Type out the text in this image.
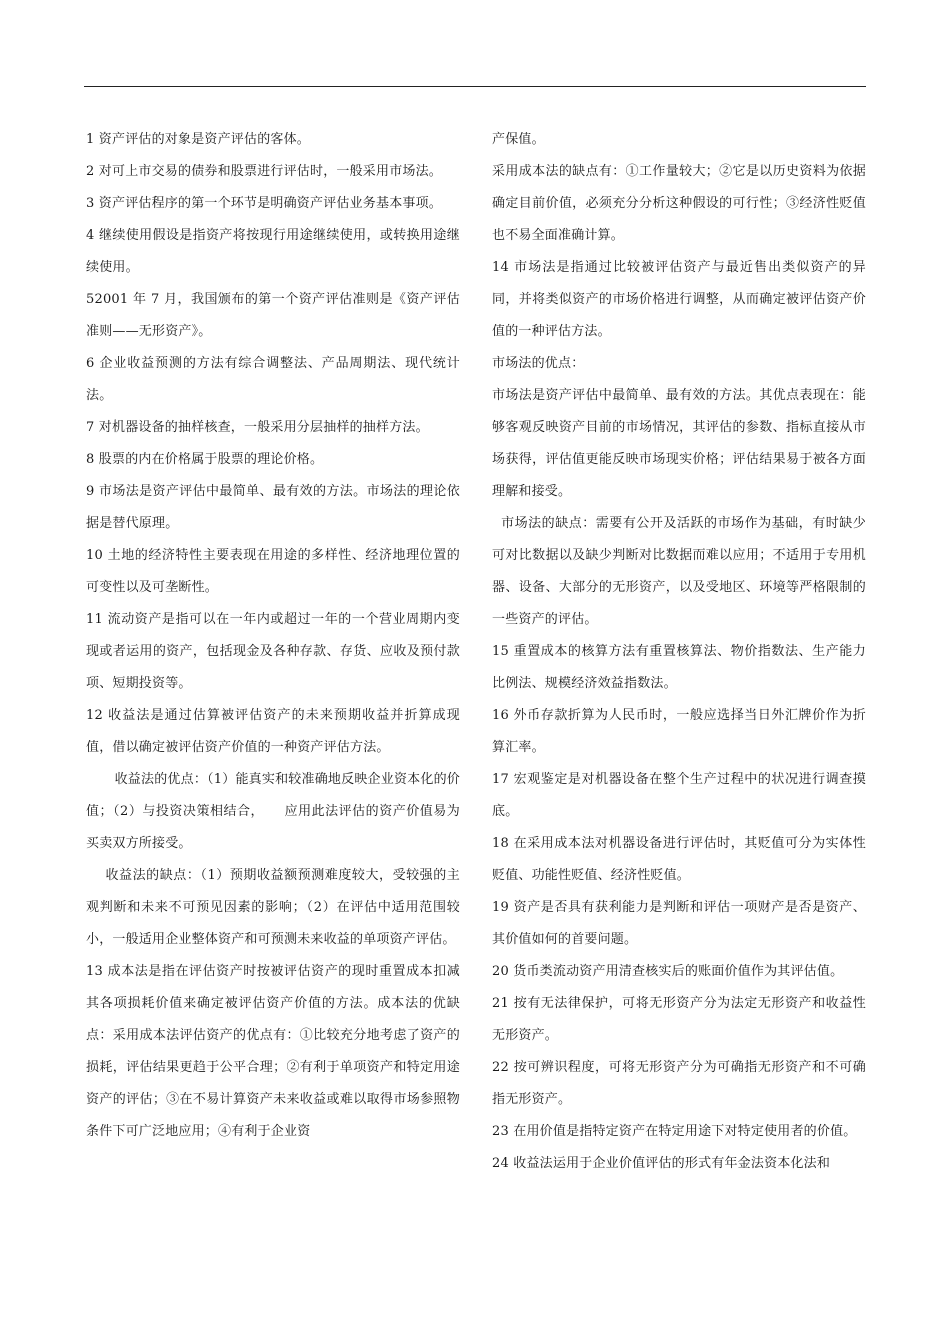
1 资产评估的对象是资产评估的客体。

2 对可上市交易的债券和股票进行评估时，一般采用市场法。

3 资产评估程序的第一个环节是明确资产评估业务基本事项。

4 继续使用假设是指资产将按现行用途继续使用，或转换用途继续使用。

52001 年 7 月，我国颁布的第一个资产评估准则是《资产评估准则——无形资产》。

6 企业收益预测的方法有综合调整法、产品周期法、现代统计法。

7 对机器设备的抽样核查，一般采用分层抽样的抽样方法。

8 股票的内在价格属于股票的理论价格。

9 市场法是资产评估中最简单、最有效的方法。市场法的理论依据是替代原理。

10 土地的经济特性主要表现在用途的多样性、经济地理位置的可变性以及可垄断性。

11 流动资产是指可以在一年内或超过一年的一个营业周期内变现或者运用的资产，包括现金及各种存款、存货、应收及预付款项、短期投资等。

12 收益法是通过估算被评估资产的未来预期收益并折算成现值，借以确定被评估资产价值的一种资产评估方法。

收益法的优点：（1）能真实和较准确地反映企业资本化的价值；（2）与投资决策相结合，　　应用此法评估的资产价值易为买卖双方所接受。

收益法的缺点：（1）预期收益额预测难度较大，受较强的主观判断和未来不可预见因素的影响；（2）在评估中适用范围较小，一般适用企业整体资产和可预测未来收益的单项资产评估。

13 成本法是指在评估资产时按被评估资产的现时重置成本扣减其各项损耗价值来确定被评估资产价值的方法。成本法的优缺点：采用成本法评估资产的优点有：①比较充分地考虑了资产的损耗，评估结果更趋于公平合理；②有利于单项资产和特定用途资产的评估；③在不易计算资产未来收益或难以取得市场参照物条件下可广泛地应用；④有利于企业资

产保值。

采用成本法的缺点有：①工作量较大；②它是以历史资料为依据确定目前价值，必须充分分析这种假设的可行性；③经济性贬值也不易全面准确计算。

14 市场法是指通过比较被评估资产与最近售出类似资产的异同，并将类似资产的市场价格进行调整，从而确定被评估资产价值的一种评估方法。

市场法的优点：

市场法是资产评估中最简单、最有效的方法。其优点表现在：能够客观反映资产目前的市场情况，其评估的参数、指标直接从市场获得，评估值更能反映市场现实价格；评估结果易于被各方面理解和接受。

市场法的缺点：需要有公开及活跃的市场作为基础，有时缺少可对比数据以及缺少判断对比数据而难以应用；不适用于专用机器、设备、大部分的无形资产，以及受地区、环境等严格限制的一些资产的评估。

15 重置成本的核算方法有重置核算法、物价指数法、生产能力比例法、规模经济效益指数法。

16 外币存款折算为人民币时，一般应选择当日外汇牌价作为折算汇率。

17 宏观鉴定是对机器设备在整个生产过程中的状况进行调查摸底。

18 在采用成本法对机器设备进行评估时，其贬值可分为实体性贬值、功能性贬值、经济性贬值。

19 资产是否具有获利能力是判断和评估一项财产是否是资产、其价值如何的首要问题。

20 货币类流动资产用清查核实后的账面价值作为其评估值。

21 按有无法律保护，可将无形资产分为法定无形资产和收益性无形资产。

22 按可辨识程度，可将无形资产分为可确指无形资产和不可确指无形资产。

23 在用价值是指特定资产在特定用途下对特定使用者的价值。

24 收益法运用于企业价值评估的形式有年金法资本化法和
